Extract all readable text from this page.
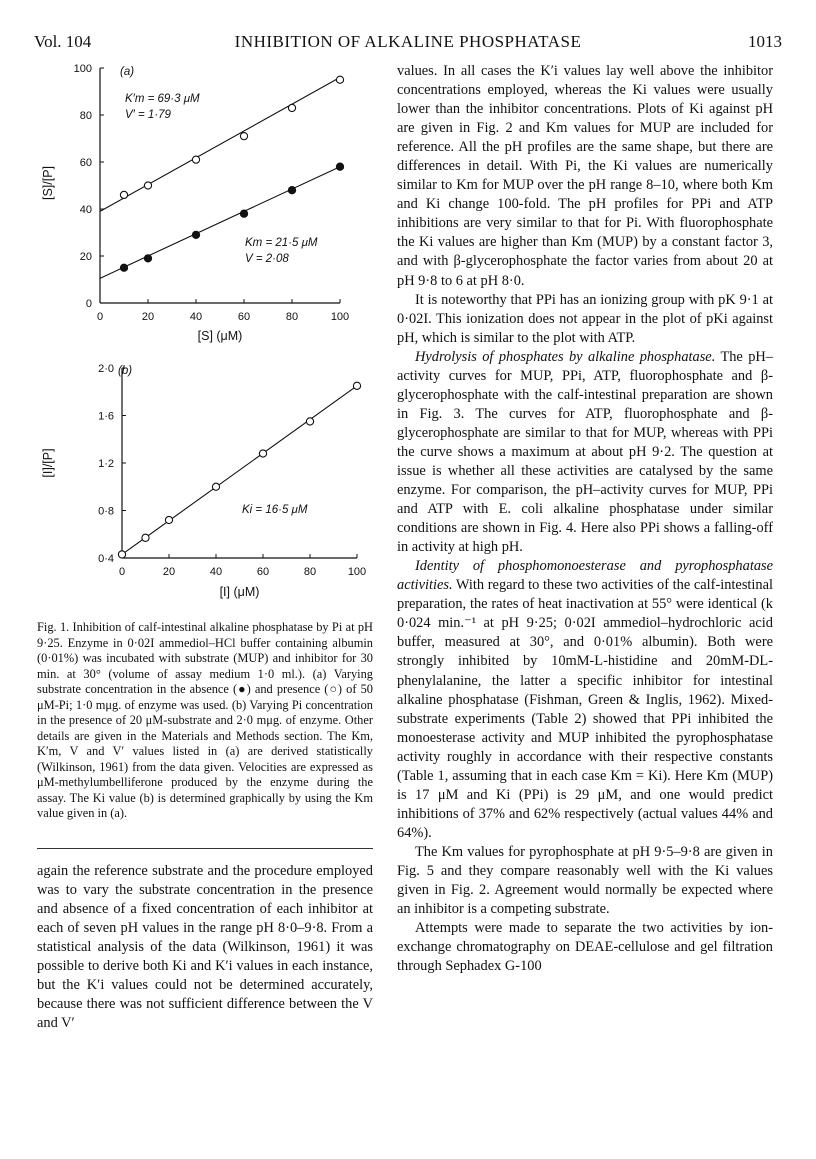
Vol. 104	INHIBITION OF ALKALINE PHOSPHATASE	1013
0	20	40	60	80	100
0
20
40
60
80
100
[S] (μM)
[S]/[P]
(a)
K′m = 69·3 μM
V′ = 1·79
Km = 21·5 μM
V = 2·08
0	20	40	60	80	100
0·4
0·8
1·2
1·6
2·0
[I] (μM)
[I]/[P]
(b)
Ki = 16·5 μM

Fig. 1. Inhibition of calf-intestinal alkaline phosphatase by Pi at pH 9·25. Enzyme in 0·02I ammediol–HCl buffer containing albumin (0·01%) was incubated with substrate (MUP) and inhibitor for 30 min. at 30° (volume of assay medium 1·0 ml.). (a) Varying substrate concentration in the absence (●) and presence (○) of 50 μM-Pi; 1·0 mμg. of enzyme was used. (b) Varying Pi concentration in the presence of 20 μM-substrate and 2·0 mμg. of enzyme. Other details are given in the Materials and Methods section. The Km, K′m, V and V′ values listed in (a) are derived statistically (Wilkinson, 1961) from the data given. Velocities are expressed as μM-methylumbelliferone produced by the enzyme during the assay. The Ki value (b) is determined graphically by using the Km value given in (a).

again the reference substrate and the procedure employed was to vary the substrate concentration in the presence and absence of a fixed concentration of each inhibitor at each of seven pH values in the range pH 8·0–9·8. From a statistical analysis of the data (Wilkinson, 1961) it was possible to derive both Ki and K′i values in each instance, but the K′i values could not be determined accurately, because there was not sufficient difference between the V and V′

values. In all cases the K′i values lay well above the inhibitor concentrations employed, whereas the Ki values were usually lower than the inhibitor concentrations. Plots of Ki against pH are given in Fig. 2 and Km values for MUP are included for reference. All the pH profiles are the same shape, but there are differences in detail. With Pi, the Ki values are numerically similar to Km for MUP over the pH range 8–10, where both Km and Ki change 100-fold. The pH profiles for PPi and ATP inhibitions are very similar to that for Pi. With fluorophosphate the Ki values are higher than Km (MUP) by a constant factor 3, and with β-glycerophosphate the factor varies from about 20 at pH 9·8 to 6 at pH 8·0.

It is noteworthy that PPi has an ionizing group with pK 9·1 at 0·02I. This ionization does not appear in the plot of pKi against pH, which is similar to the plot with ATP.

Hydrolysis of phosphates by alkaline phosphatase. The pH–activity curves for MUP, PPi, ATP, fluorophosphate and β-glycerophosphate with the calf-intestinal preparation are shown in Fig. 3. The curves for ATP, fluorophosphate and β-glycerophosphate are similar to that for MUP, whereas with PPi the curve shows a maximum at about pH 9·2. The question at issue is whether all these activities are catalysed by the same enzyme. For comparison, the pH–activity curves for MUP, PPi and ATP with E. coli alkaline phosphatase under similar conditions are shown in Fig. 4. Here also PPi shows a falling-off in activity at high pH.

Identity of phosphomonoesterase and pyrophosphatase activities. With regard to these two activities of the calf-intestinal preparation, the rates of heat inactivation at 55° were identical (k 0·024 min.⁻¹ at pH 9·25; 0·02I ammediol–hydrochloric acid buffer, measured at 30°, and 0·01% albumin). Both were strongly inhibited by 10mM-L-histidine and 20mM-DL-phenylalanine, the latter a specific inhibitor for intestinal alkaline phosphatase (Fishman, Green & Inglis, 1962). Mixed-substrate experiments (Table 2) showed that PPi inhibited the monoesterase activity and MUP inhibited the pyrophosphatase activity roughly in accordance with their respective constants (Table 1, assuming that in each case Km = Ki). Here Km (MUP) is 17 μM and Ki (PPi) is 29 μM, and one would predict inhibitions of 37% and 62% respectively (actual values 44% and 64%).

The Km values for pyrophosphate at pH 9·5–9·8 are given in Fig. 5 and they compare reasonably well with the Ki values given in Fig. 2. Agreement would normally be expected where an inhibitor is a competing substrate.

Attempts were made to separate the two activities by ion-exchange chromatography on DEAE-cellulose and gel filtration through Sephadex G-100
